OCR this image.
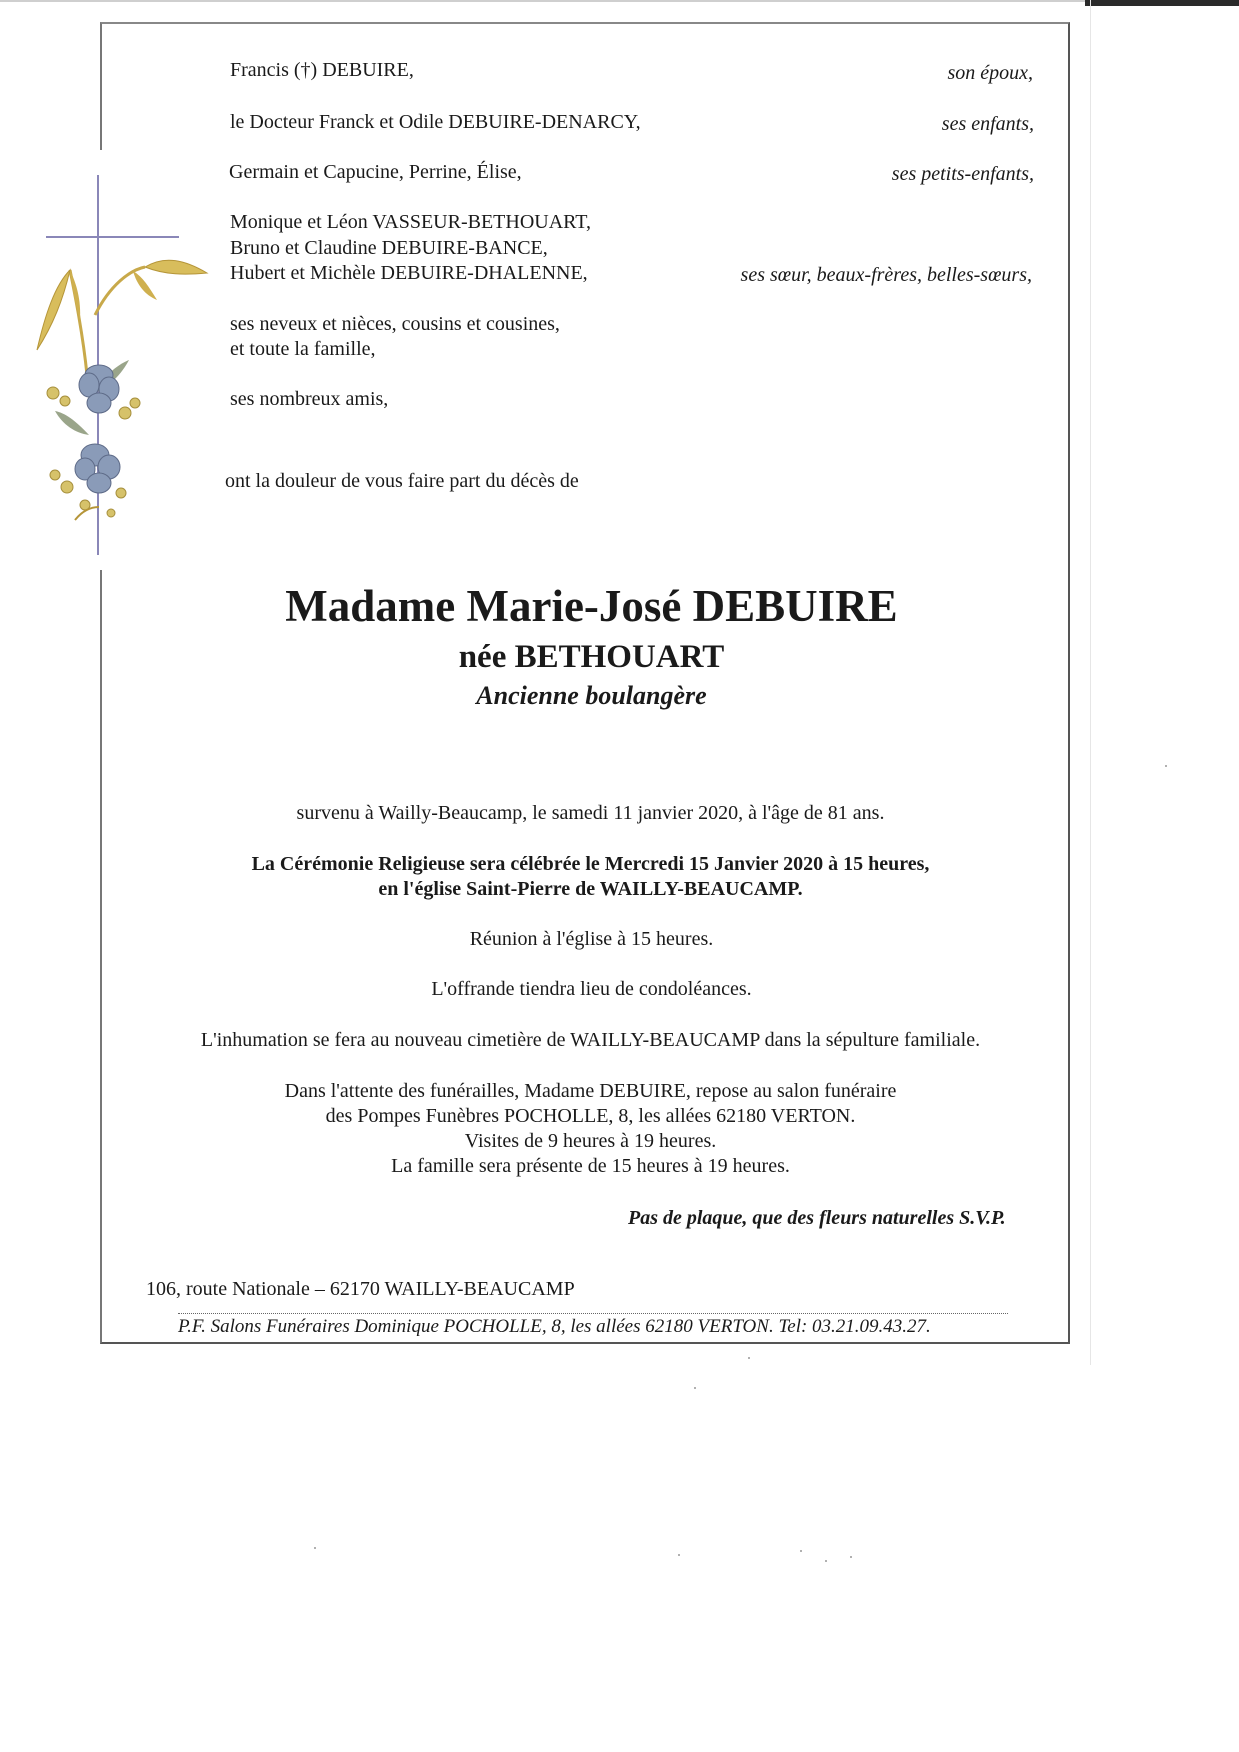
Francis (†) DEBUIRE,	son époux,
le Docteur Franck et Odile DEBUIRE-DENARCY,	ses enfants,
Germain et Capucine, Perrine, Élise,	ses petits-enfants,
Monique et Léon VASSEUR-BETHOUART,
Bruno et Claudine DEBUIRE-BANCE,
Hubert et Michèle DEBUIRE-DHALENNE,	ses sœur, beaux-frères, belles-sœurs,
ses neveux et nièces, cousins et cousines,
et toute la famille,
ses nombreux amis,
ont la douleur de vous faire part du décès de
Madame Marie-José DEBUIRE
née BETHOUART
Ancienne boulangère
survenu à Wailly-Beaucamp, le samedi 11 janvier 2020, à l'âge de 81 ans.
La Cérémonie Religieuse sera célébrée le Mercredi 15 Janvier 2020 à 15 heures,
en l'église Saint-Pierre de WAILLY-BEAUCAMP.
Réunion à l'église à 15 heures.
L'offrande tiendra lieu de condoléances.
L'inhumation se fera au nouveau cimetière de WAILLY-BEAUCAMP dans la sépulture familiale.
Dans l'attente des funérailles, Madame DEBUIRE, repose au salon funéraire
des Pompes Funèbres POCHOLLE, 8, les allées 62180 VERTON.
Visites de 9 heures à 19 heures.
La famille sera présente de 15 heures à 19 heures.
Pas de plaque, que des fleurs naturelles S.V.P.
106, route Nationale – 62170 WAILLY-BEAUCAMP
P.F. Salons Funéraires Dominique POCHOLLE, 8, les allées 62180 VERTON. Tel: 03.21.09.43.27.
